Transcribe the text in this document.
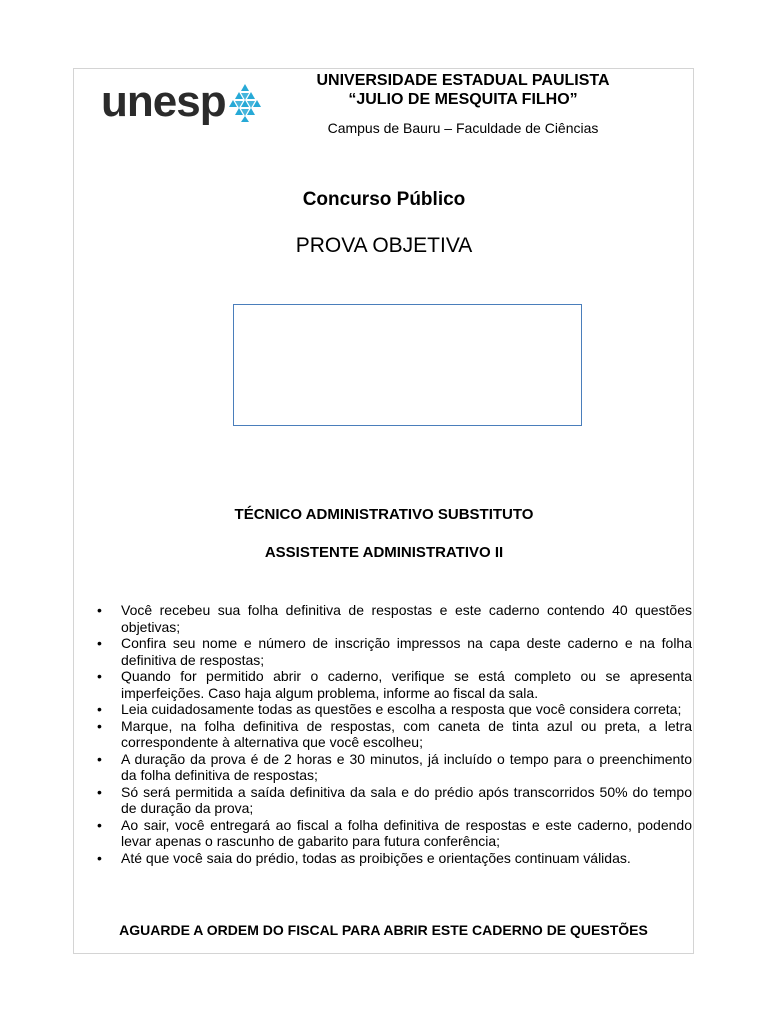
unesp	UNIVERSIDADE ESTADUAL PAULISTA
“JULIO DE MESQUITA FILHO”
Campus de Bauru – Faculdade de Ciências
Concurso Público
PROVA OBJETIVA
TÉCNICO ADMINISTRATIVO SUBSTITUTO
ASSISTENTE ADMINISTRATIVO II
• Você recebeu sua folha definitiva de respostas e este caderno contendo 40 questões objetivas;
• Confira seu nome e número de inscrição impressos na capa deste caderno e na folha definitiva de respostas;
• Quando for permitido abrir o caderno, verifique se está completo ou se apresenta imperfeições. Caso haja algum problema, informe ao fiscal da sala.
• Leia cuidadosamente todas as questões e escolha a resposta que você considera correta;
• Marque, na folha definitiva de respostas, com caneta de tinta azul ou preta, a letra correspondente à alternativa que você escolheu;
• A duração da prova é de 2 horas e 30 minutos, já incluído o tempo para o preenchimento da folha definitiva de respostas;
• Só será permitida a saída definitiva da sala e do prédio após transcorridos 50% do tempo de duração da prova;
• Ao sair, você entregará ao fiscal a folha definitiva de respostas e este caderno, podendo levar apenas o rascunho de gabarito para futura conferência;
• Até que você saia do prédio, todas as proibições e orientações continuam válidas.
AGUARDE A ORDEM DO FISCAL PARA ABRIR ESTE CADERNO DE QUESTÕES
